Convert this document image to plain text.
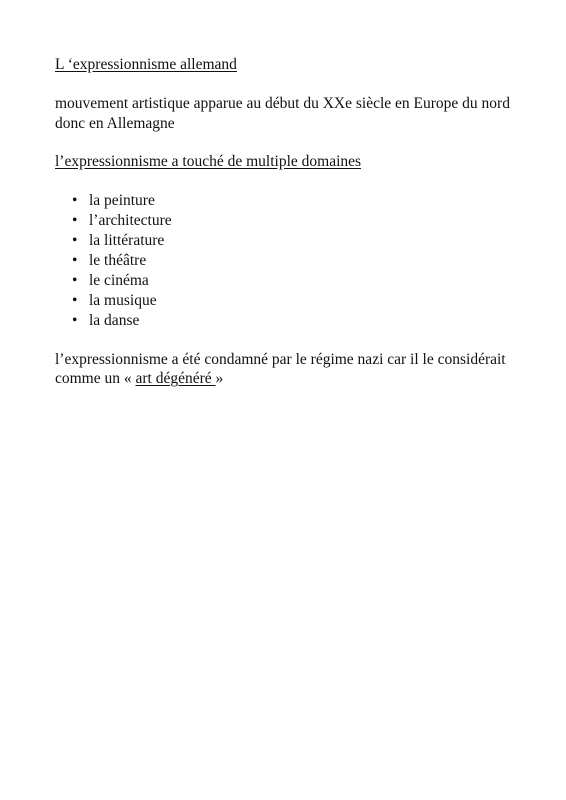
L ‘expressionnisme allemand

mouvement artistique apparue au début du XXe siècle en Europe du nord donc en Allemagne

l’expressionnisme a touché de multiple domaines

• la peinture
• l’architecture
• la littérature
• le théâtre
• le cinéma
• la musique
• la danse

l’expressionnisme a été condamné par le régime nazi car il le considérait comme un « art dégénéré »
